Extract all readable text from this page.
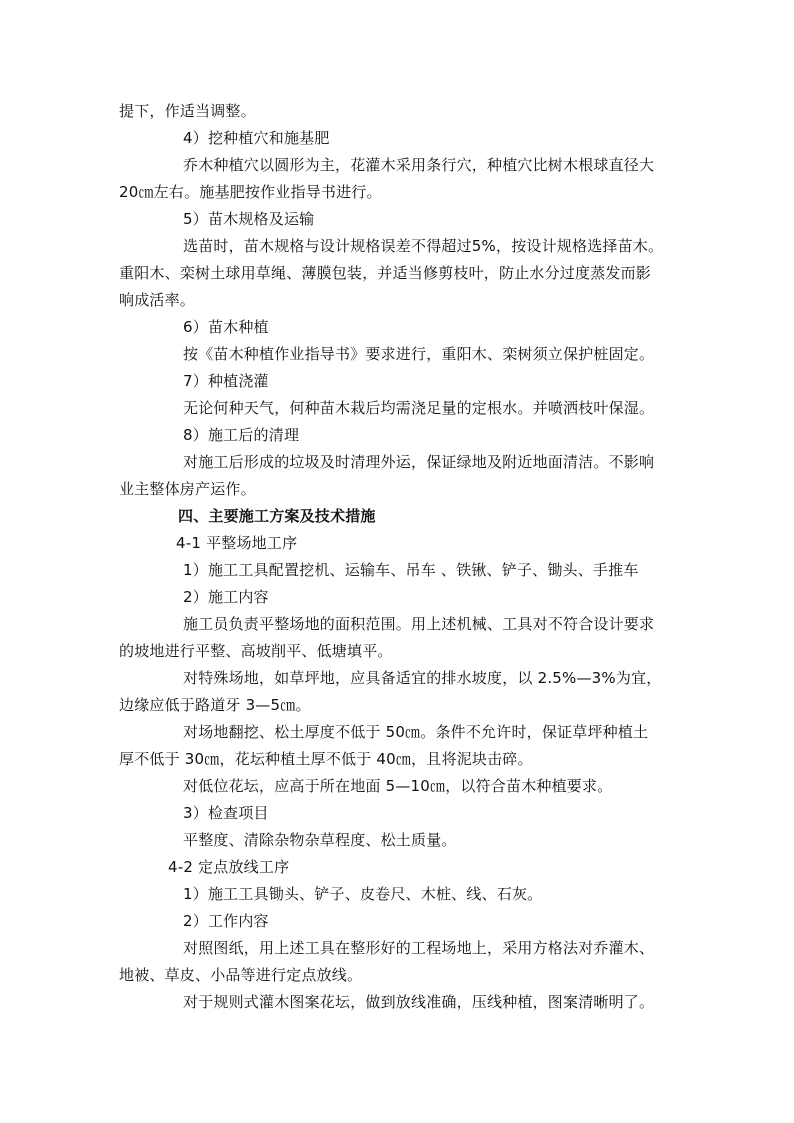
提下，作适当调整。
4）挖种植穴和施基肥
乔木种植穴以圆形为主，花灌木采用条行穴，种植穴比树木根球直径大
20㎝左右。施基肥按作业指导书进行。
5）苗木规格及运输
选苗时，苗木规格与设计规格误差不得超过5%，按设计规格选择苗木。
重阳木、栾树土球用草绳、薄膜包装，并适当修剪枝叶，防止水分过度蒸发而影
响成活率。
6）苗木种植
按《苗木种植作业指导书》要求进行，重阳木、栾树须立保护桩固定。
7）种植浇灌
无论何种天气，何种苗木栽后均需浇足量的定根水。并喷洒枝叶保湿。
8）施工后的清理
对施工后形成的垃圾及时清理外运，保证绿地及附近地面清洁。不影响
业主整体房产运作。
四、主要施工方案及技术措施
4-1 平整场地工序
1）施工工具配置挖机、运输车、吊车 、铁锹、铲子、锄头、手推车
2）施工内容
施工员负责平整场地的面积范围。用上述机械、工具对不符合设计要求
的坡地进行平整、高坡削平、低塘填平。
对特殊场地，如草坪地，应具备适宜的排水坡度，以 2.5%—3%为宜，
边缘应低于路道牙 3—5㎝。
对场地翻挖、松土厚度不低于 50㎝。条件不允许时，保证草坪种植土
厚不低于 30㎝，花坛种植土厚不低于 40㎝，且将泥块击碎。
对低位花坛，应高于所在地面 5—10㎝，以符合苗木种植要求。
3）检查项目
平整度、清除杂物杂草程度、松土质量。
4-2 定点放线工序
1）施工工具锄头、铲子、皮卷尺、木桩、线、石灰。
2）工作内容
对照图纸，用上述工具在整形好的工程场地上，采用方格法对乔灌木、
地被、草皮、小品等进行定点放线。
对于规则式灌木图案花坛，做到放线准确，压线种植，图案清晰明了。
